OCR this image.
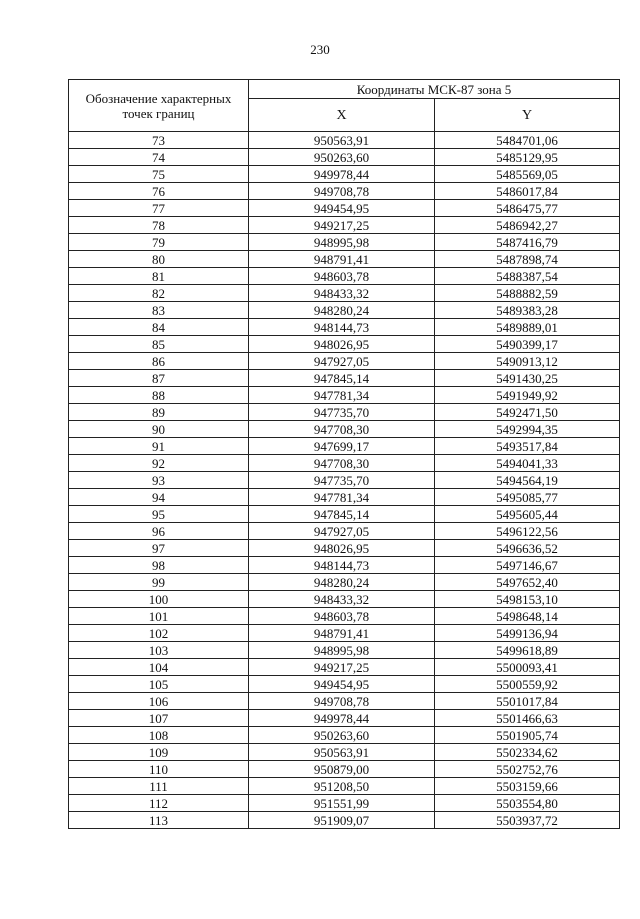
230
Обозначение характерных точек границ	Координаты МСК-87 зона 5	
	X	Y
73	950563,91	5484701,06
74	950263,60	5485129,95
75	949978,44	5485569,05
76	949708,78	5486017,84
77	949454,95	5486475,77
78	949217,25	5486942,27
79	948995,98	5487416,79
80	948791,41	5487898,74
81	948603,78	5488387,54
82	948433,32	5488882,59
83	948280,24	5489383,28
84	948144,73	5489889,01
85	948026,95	5490399,17
86	947927,05	5490913,12
87	947845,14	5491430,25
88	947781,34	5491949,92
89	947735,70	5492471,50
90	947708,30	5492994,35
91	947699,17	5493517,84
92	947708,30	5494041,33
93	947735,70	5494564,19
94	947781,34	5495085,77
95	947845,14	5495605,44
96	947927,05	5496122,56
97	948026,95	5496636,52
98	948144,73	5497146,67
99	948280,24	5497652,40
100	948433,32	5498153,10
101	948603,78	5498648,14
102	948791,41	5499136,94
103	948995,98	5499618,89
104	949217,25	5500093,41
105	949454,95	5500559,92
106	949708,78	5501017,84
107	949978,44	5501466,63
108	950263,60	5501905,74
109	950563,91	5502334,62
110	950879,00	5502752,76
111	951208,50	5503159,66
112	951551,99	5503554,80
113	951909,07	5503937,72
